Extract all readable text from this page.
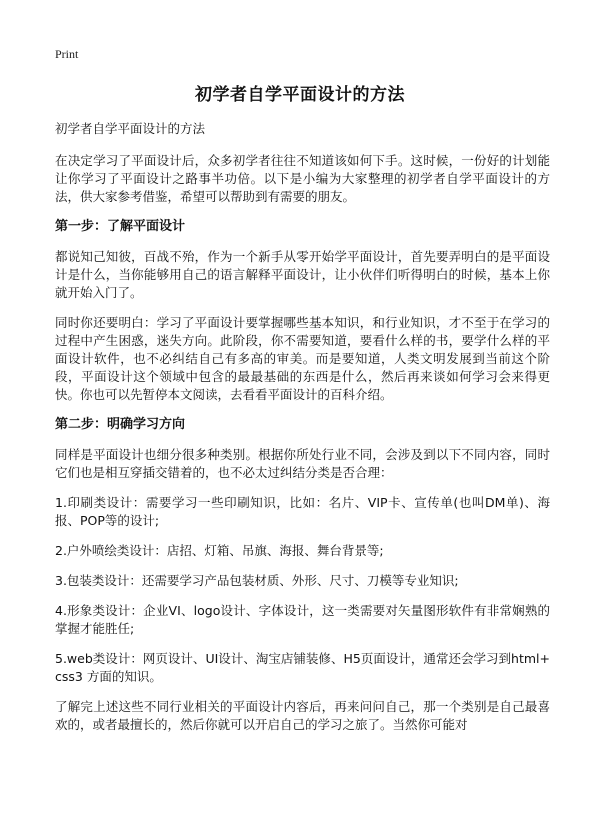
Print
初学者自学平面设计的方法
初学者自学平面设计的方法

在决定学习了平面设计后，众多初学者往往不知道该如何下手。这时候，一份好的计划能让你学习了平面设计之路事半功倍。以下是小编为大家整理的初学者自学平面设计的方法，供大家参考借鉴，希望可以帮助到有需要的朋友。

第一步：了解平面设计

都说知己知彼，百战不殆，作为一个新手从零开始学平面设计，首先要弄明白的是平面设计是什么，当你能够用自己的语言解释平面设计，让小伙伴们听得明白的时候，基本上你就开始入门了。

同时你还要明白：学习了平面设计要掌握哪些基本知识，和行业知识，才不至于在学习的过程中产生困惑，迷失方向。此阶段，你不需要知道，要看什么样的书，要学什么样的平面设计软件，也不必纠结自己有多高的审美。而是要知道，人类文明发展到当前这个阶段，平面设计这个领域中包含的最最基础的东西是什么，然后再来谈如何学习会来得更快。你也可以先暂停本文阅读，去看看平面设计的百科介绍。

第二步：明确学习方向

同样是平面设计也细分很多种类别。根据你所处行业不同，会涉及到以下不同内容，同时它们也是相互穿插交错着的，也不必太过纠结分类是否合理：

1.印刷类设计：需要学习一些印刷知识，比如：名片、VIP卡、宣传单(也叫DM单)、海报、POP等的设计;

2.户外喷绘类设计：店招、灯箱、吊旗、海报、舞台背景等;

3.包装类设计：还需要学习产品包装材质、外形、尺寸、刀模等专业知识;

4.形象类设计：企业VI、logo设计、字体设计，这一类需要对矢量图形软件有非常娴熟的掌握才能胜任;

5.web类设计：网页设计、UI设计、淘宝店铺装修、H5页面设计，通常还会学习到html+css3 方面的知识。

了解完上述这些不同行业相关的平面设计内容后，再来问问自己，那一个类别是自己最喜欢的，或者最擅长的，然后你就可以开启自己的学习之旅了。当然你可能对
